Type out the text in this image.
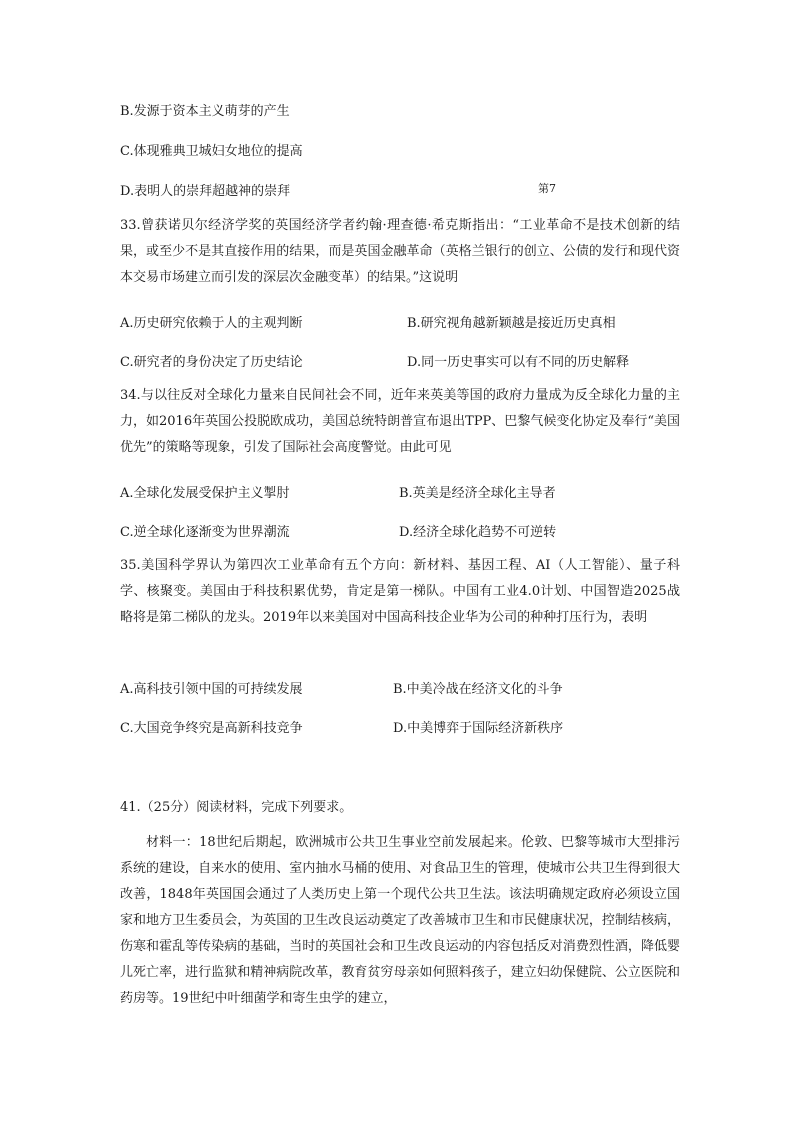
B.发源于资本主义萌芽的产生
C.体现雅典卫城妇女地位的提高
D.表明人的崇拜超越神的崇拜	第7
33.曾获诺贝尔经济学奖的英国经济学者约翰·理查德·希克斯指出：“工业革命不是技术创新的结果，或至少不是其直接作用的结果，而是英国金融革命（英格兰银行的创立、公债的发行和现代资本交易市场建立而引发的深层次金融变革）的结果。”这说明
A.历史研究依赖于人的主观判断	B.研究视角越新颖越是接近历史真相
C.研究者的身份决定了历史结论	D.同一历史事实可以有不同的历史解释
34.与以往反对全球化力量来自民间社会不同，近年来英美等国的政府力量成为反全球化力量的主力，如2016年英国公投脱欧成功，美国总统特朗普宣布退出TPP、巴黎气候变化协定及奉行“美国优先”的策略等现象，引发了国际社会高度警觉。由此可见
A.全球化发展受保护主义掣肘	B.英美是经济全球化主导者
C.逆全球化逐渐变为世界潮流	D.经济全球化趋势不可逆转
35.美国科学界认为第四次工业革命有五个方向：新材料、基因工程、AI（人工智能）、量子科学、核聚变。美国由于科技积累优势，肯定是第一梯队。中国有工业4.0计划、中国智造2025战略将是第二梯队的龙头。2019年以来美国对中国高科技企业华为公司的种种打压行为，表明
A.高科技引领中国的可持续发展	B.中美冷战在经济文化的斗争
C.大国竞争终究是高新科技竞争	D.中美博弈于国际经济新秩序
41.（25分）阅读材料，完成下列要求。
材料一：18世纪后期起，欧洲城市公共卫生事业空前发展起来。伦敦、巴黎等城市大型排污系统的建设，自来水的使用、室内抽水马桶的使用、对食品卫生的管理，使城市公共卫生得到很大改善，1848年英国国会通过了人类历史上第一个现代公共卫生法。该法明确规定政府必须设立国家和地方卫生委员会，为英国的卫生改良运动奠定了改善城市卫生和市民健康状况，控制结核病，伤寒和霍乱等传染病的基础，当时的英国社会和卫生改良运动的内容包括反对消费烈性酒，降低婴儿死亡率，进行监狱和精神病院改革，教育贫穷母亲如何照料孩子，建立妇幼保健院、公立医院和药房等。19世纪中叶细菌学和寄生虫学的建立，
